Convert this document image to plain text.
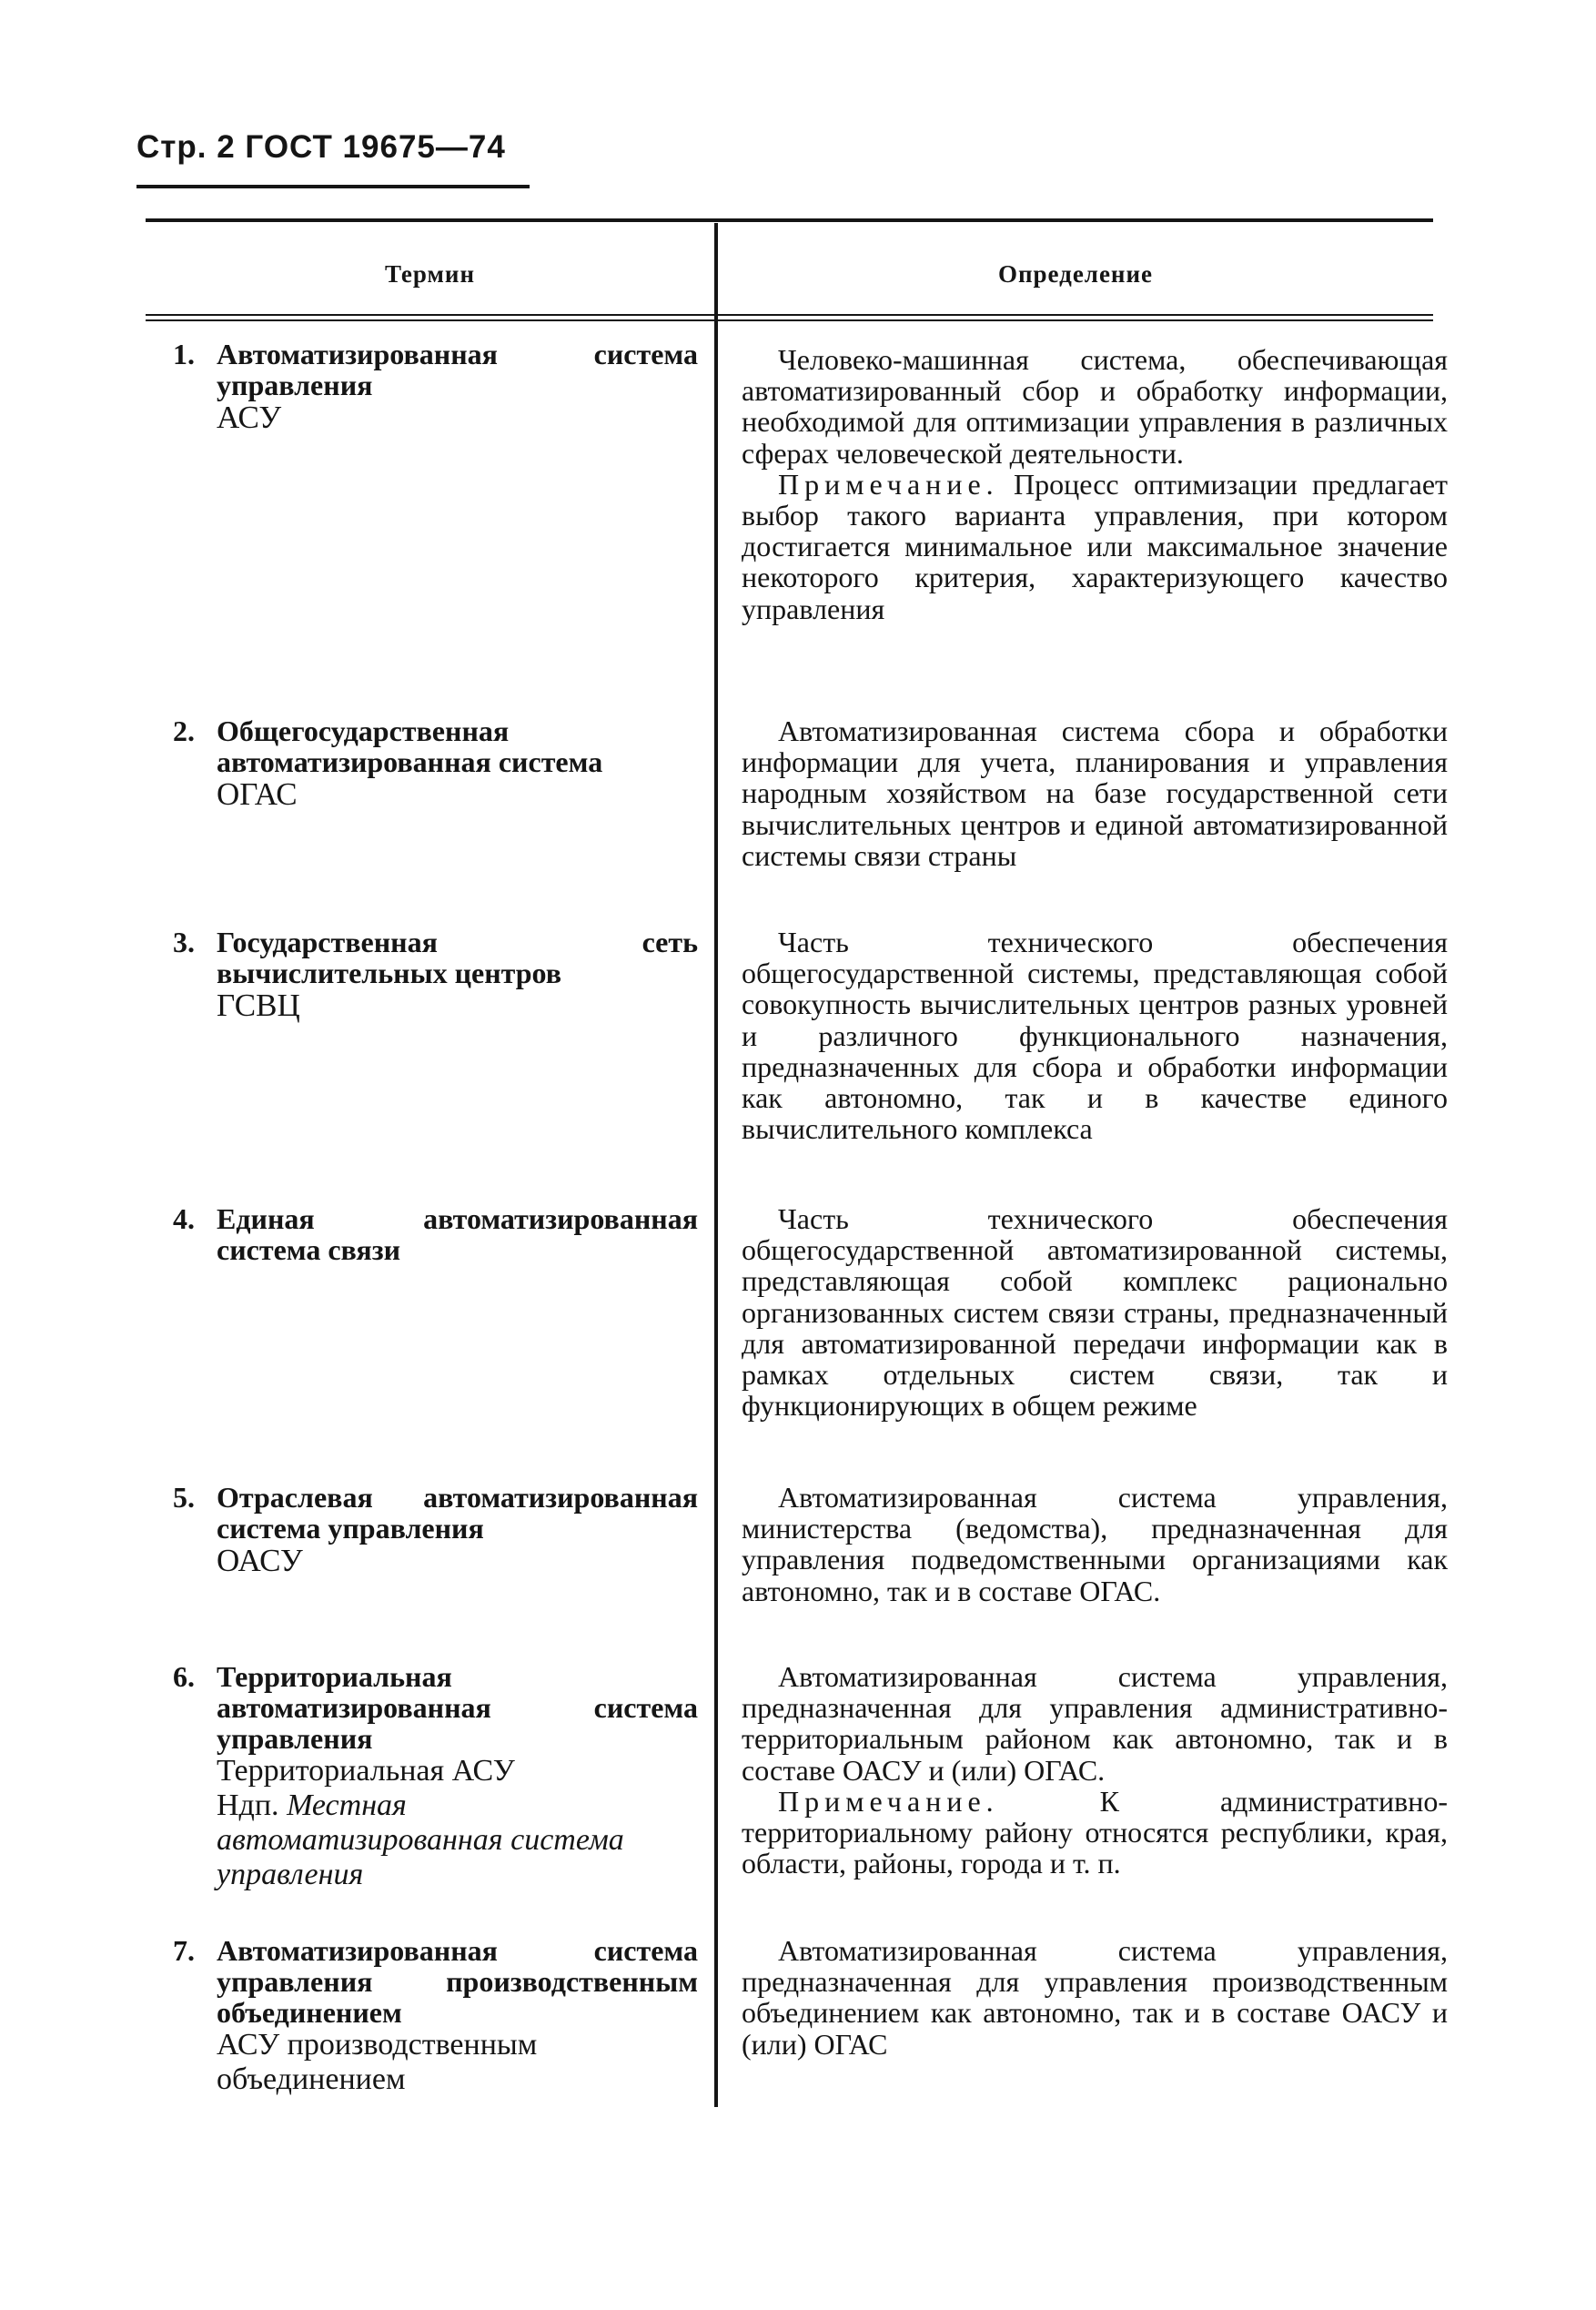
Стр. 2 ГОСТ 19675—74
Термин	Определение
1. Автоматизированная система управления
АСУ

Человеко-машинная система, обеспечивающая автоматизированный сбор и обработку информации, необходимой для оптимизации управления в различных сферах человеческой деятельности.

Примечание. Процесс оптимизации предлагает выбор такого варианта управления, при котором достигается минимальное или максимальное значение некоторого критерия, характеризующего качество управления

2. Общегосударственная автоматизированная система
ОГАС

Автоматизированная система сбора и обработки информации для учета, планирования и управления народным хозяйством на базе государственной сети вычислительных центров и единой автоматизированной системы связи страны

3. Государственная сеть вычислительных центров
ГСВЦ

Часть технического обеспечения общегосударственной системы, представляющая собой совокупность вычислительных центров разных уровней и различного функционального назначения, предназначенных для сбора и обработки информации как автономно, так и в качестве единого вычислительного комплекса

4. Единая автоматизированная система связи

Часть технического обеспечения общегосударственной автоматизированной системы, представляющая собой комплекс рационально организованных систем связи страны, предназначенный для автоматизированной передачи информации как в рамках отдельных систем связи, так и функционирующих в общем режиме

5. Отраслевая автоматизированная система управления
ОАСУ

Автоматизированная система управления, министерства (ведомства), предназначенная для управления подведомственными организациями как автономно, так и в составе ОГАС.

6. Территориальная автоматизированная система управления
Территориальная АСУ
Ндп. Местная автоматизированная система управления

Автоматизированная система управления, предназначенная для управления административно-территориальным районом как автономно, так и в составе ОАСУ и (или) ОГАС.

Примечание. К административно-территориальному району относятся республики, края, области, районы, города и т. п.

7. Автоматизированная система управления производственным объединением
АСУ производственным объединением

Автоматизированная система управления, предназначенная для управления производственным объединением как автономно, так и в составе ОАСУ и (или) ОГАС
